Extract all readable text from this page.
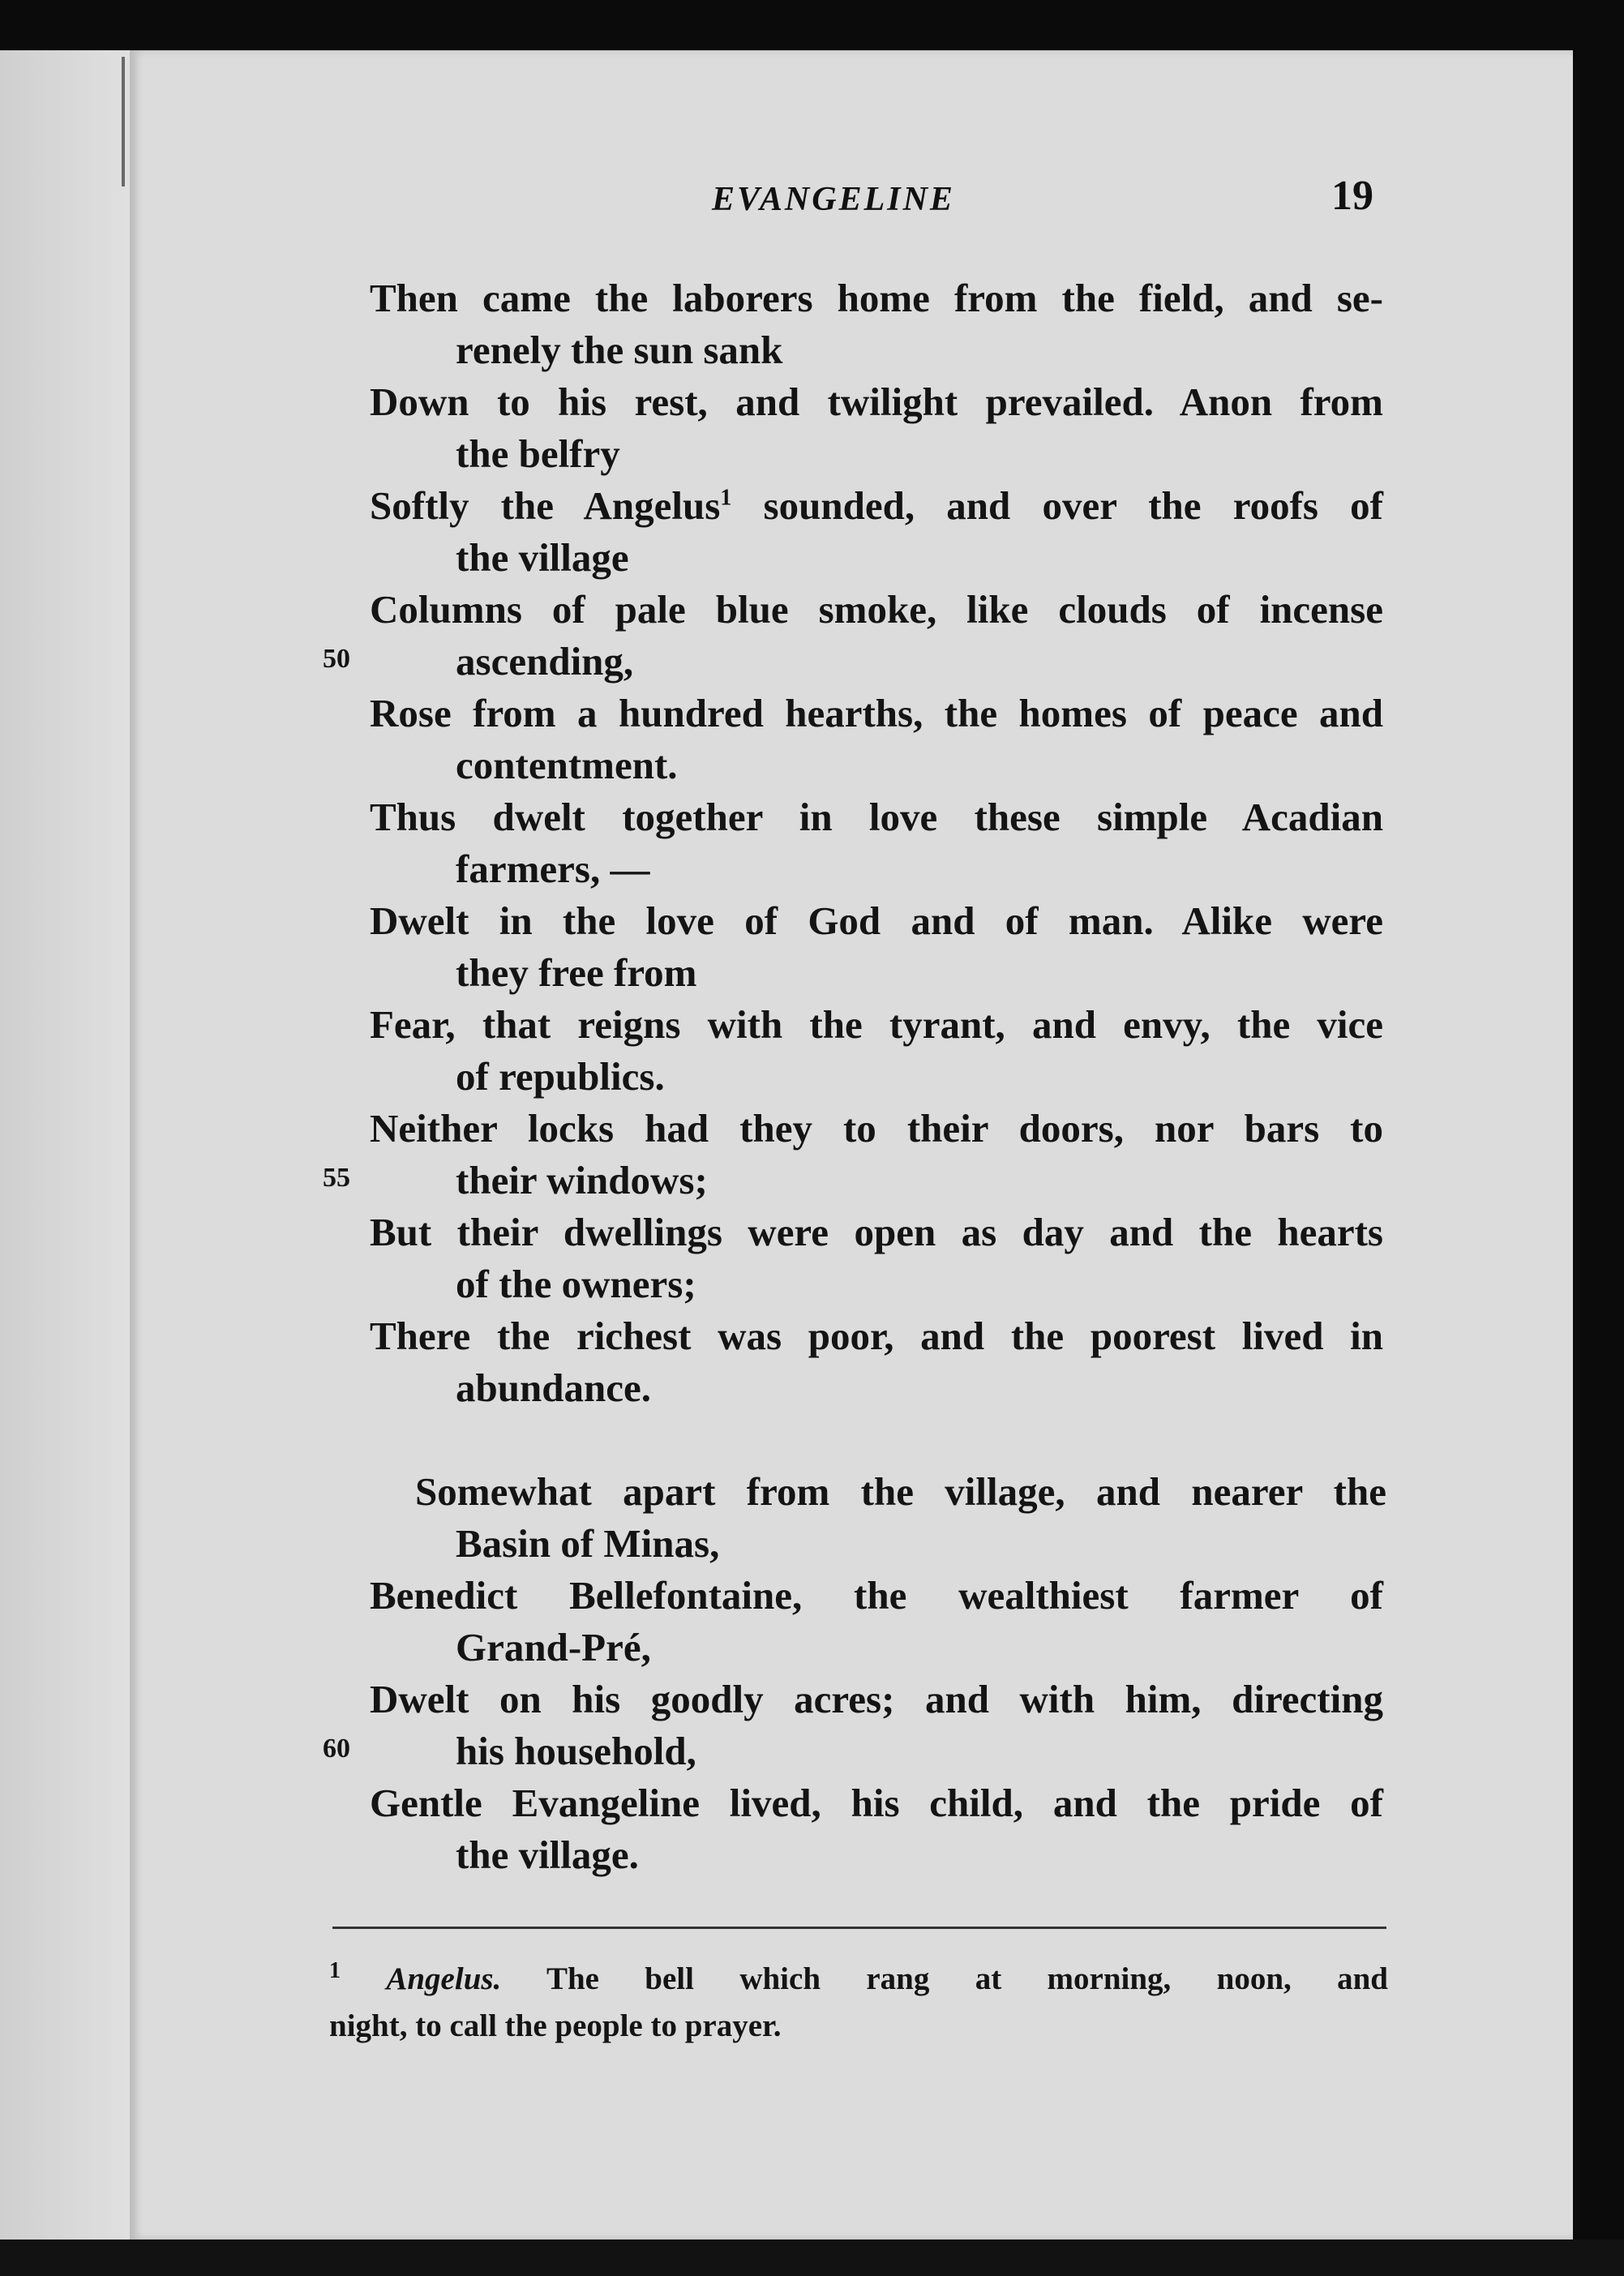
EVANGELINE	19
Then came the laborers home from the field, and se-
renely the sun sank
Down to his rest, and twilight prevailed. Anon from
the belfry
Softly the Angelus$^1$ sounded, and over the roofs of
the village
Columns of pale blue smoke, like clouds of incense
50	ascending,
Rose from a hundred hearths, the homes of peace and
contentment.
Thus dwelt together in love these simple Acadian
farmers, —
Dwelt in the love of God and of man. Alike were
they free from
Fear, that reigns with the tyrant, and envy, the vice
of republics.
Neither locks had they to their doors, nor bars to
55	their windows;
But their dwellings were open as day and the hearts
of the owners;
There the richest was poor, and the poorest lived in
abundance.
Somewhat apart from the village, and nearer the
Basin of Minas,
Benedict Bellefontaine, the wealthiest farmer of
Grand-Pré,
Dwelt on his goodly acres; and with him, directing
60	his household,
Gentle Evangeline lived, his child, and the pride of
the village.
$^1$ Angelus. The bell which rang at morning, noon, and
night, to call the people to prayer.
